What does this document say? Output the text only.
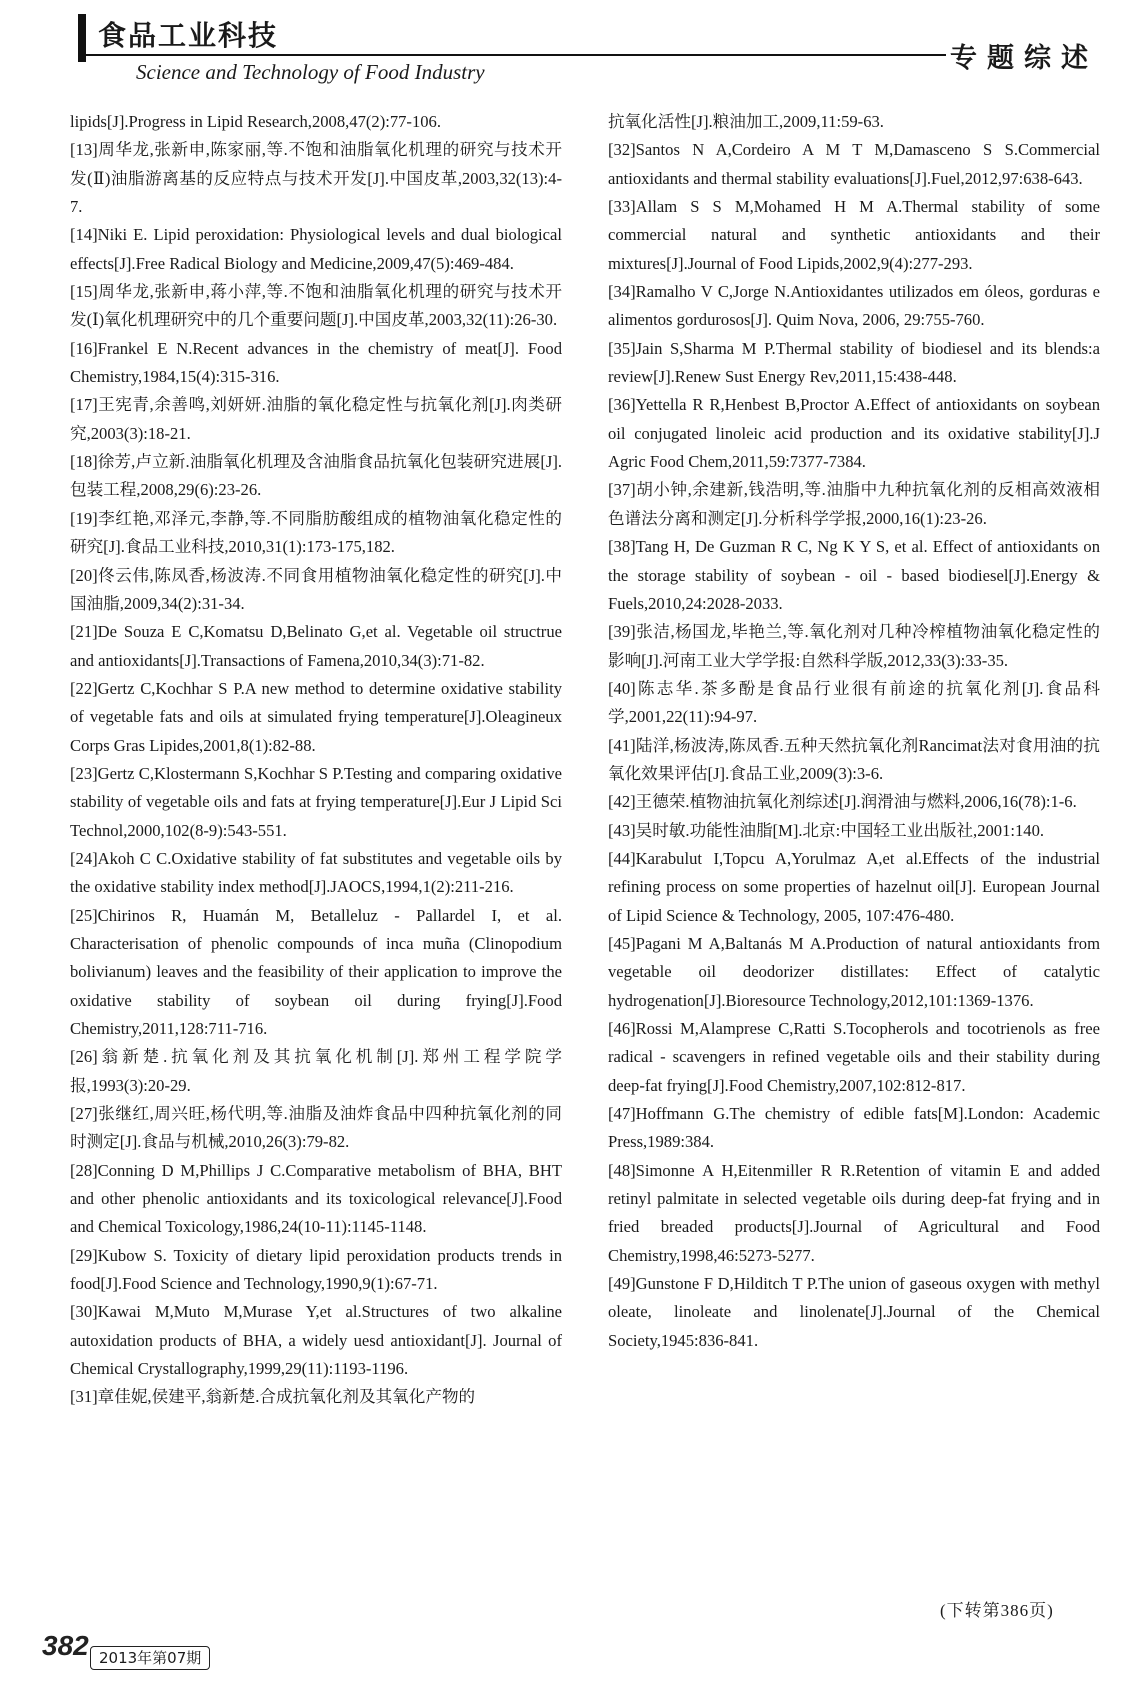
食品工业科技
Science and Technology of Food Industry	专题综述

lipids[J].Progress in Lipid Research,2008,47(2):77-106.

[13]周华龙,张新申,陈家丽,等.不饱和油脂氧化机理的研究与技术开发(Ⅱ)油脂游离基的反应特点与技术开发[J].中国皮革,2003,32(13):4-7.

[14]Niki E. Lipid peroxidation: Physiological levels and dual biological effects[J].Free Radical Biology and Medicine,2009,47(5):469-484.

[15]周华龙,张新申,蒋小萍,等.不饱和油脂氧化机理的研究与技术开发(Ⅰ)氧化机理研究中的几个重要问题[J].中国皮革,2003,32(11):26-30.

[16]Frankel E N.Recent advances in the chemistry of meat[J]. Food Chemistry,1984,15(4):315-316.

[17]王宪青,余善鸣,刘妍妍.油脂的氧化稳定性与抗氧化剂[J].肉类研究,2003(3):18-21.

[18]徐芳,卢立新.油脂氧化机理及含油脂食品抗氧化包装研究进展[J].包装工程,2008,29(6):23-26.

[19]李红艳,邓泽元,李静,等.不同脂肪酸组成的植物油氧化稳定性的研究[J].食品工业科技,2010,31(1):173-175,182.

[20]佟云伟,陈凤香,杨波涛.不同食用植物油氧化稳定性的研究[J].中国油脂,2009,34(2):31-34.

[21]De Souza E C,Komatsu D,Belinato G,et al. Vegetable oil structrue and antioxidants[J].Transactions of Famena,2010,34(3):71-82.

[22]Gertz C,Kochhar S P.A new method to determine oxidative stability of vegetable fats and oils at simulated frying temperature[J].Oleagineux Corps Gras Lipides,2001,8(1):82-88.

[23]Gertz C,Klostermann S,Kochhar S P.Testing and comparing oxidative stability of vegetable oils and fats at frying temperature[J].Eur J Lipid Sci Technol,2000,102(8-9):543-551.

[24]Akoh C C.Oxidative stability of fat substitutes and vegetable oils by the oxidative stability index method[J].JAOCS,1994,1(2):211-216.

[25]Chirinos R, Huamán M, Betalleluz - Pallardel I, et al. Characterisation of phenolic compounds of inca muña (Clinopodium bolivianum) leaves and the feasibility of their application to improve the oxidative stability of soybean oil during frying[J].Food Chemistry,2011,128:711-716.

[26]翁新楚.抗氧化剂及其抗氧化机制[J].郑州工程学院学报,1993(3):20-29.

[27]张继红,周兴旺,杨代明,等.油脂及油炸食品中四种抗氧化剂的同时测定[J].食品与机械,2010,26(3):79-82.

[28]Conning D M,Phillips J C.Comparative metabolism of BHA, BHT and other phenolic antioxidants and its toxicological relevance[J].Food and Chemical Toxicology,1986,24(10-11):1145-1148.

[29]Kubow S. Toxicity of dietary lipid peroxidation products trends in food[J].Food Science and Technology,1990,9(1):67-71.

[30]Kawai M,Muto M,Murase Y,et al.Structures of two alkaline autoxidation products of BHA, a widely uesd antioxidant[J]. Journal of Chemical Crystallography,1999,29(11):1193-1196.

[31]章佳妮,侯建平,翁新楚.合成抗氧化剂及其氧化产物的

抗氧化活性[J].粮油加工,2009,11:59-63.

[32]Santos N A,Cordeiro A M T M,Damasceno S S.Commercial antioxidants and thermal stability evaluations[J].Fuel,2012,97:638-643.

[33]Allam S S M,Mohamed H M A.Thermal stability of some commercial natural and synthetic antioxidants and their mixtures[J].Journal of Food Lipids,2002,9(4):277-293.

[34]Ramalho V C,Jorge N.Antioxidantes utilizados em óleos, gorduras e alimentos gordurosos[J]. Quim Nova, 2006, 29:755-760.

[35]Jain S,Sharma M P.Thermal stability of biodiesel and its blends:a review[J].Renew Sust Energy Rev,2011,15:438-448.

[36]Yettella R R,Henbest B,Proctor A.Effect of antioxidants on soybean oil conjugated linoleic acid production and its oxidative stability[J].J Agric Food Chem,2011,59:7377-7384.

[37]胡小钟,余建新,钱浩明,等.油脂中九种抗氧化剂的反相高效液相色谱法分离和测定[J].分析科学学报,2000,16(1):23-26.

[38]Tang H, De Guzman R C, Ng K Y S, et al. Effect of antioxidants on the storage stability of soybean - oil - based biodiesel[J].Energy & Fuels,2010,24:2028-2033.

[39]张洁,杨国龙,毕艳兰,等.氧化剂对几种冷榨植物油氧化稳定性的影响[J].河南工业大学学报:自然科学版,2012,33(3):33-35.

[40]陈志华.茶多酚是食品行业很有前途的抗氧化剂[J].食品科学,2001,22(11):94-97.

[41]陆洋,杨波涛,陈凤香.五种天然抗氧化剂Rancimat法对食用油的抗氧化效果评估[J].食品工业,2009(3):3-6.

[42]王德荣.植物油抗氧化剂综述[J].润滑油与燃料,2006,16(78):1-6.

[43]吴时敏.功能性油脂[M].北京:中国轻工业出版社,2001:140.

[44]Karabulut I,Topcu A,Yorulmaz A,et al.Effects of the industrial refining process on some properties of hazelnut oil[J]. European Journal of Lipid Science & Technology, 2005, 107:476-480.

[45]Pagani M A,Baltanás M A.Production of natural antioxidants from vegetable oil deodorizer distillates: Effect of catalytic hydrogenation[J].Bioresource Technology,2012,101:1369-1376.

[46]Rossi M,Alamprese C,Ratti S.Tocopherols and tocotrienols as free radical - scavengers in refined vegetable oils and their stability during deep-fat frying[J].Food Chemistry,2007,102:812-817.

[47]Hoffmann G.The chemistry of edible fats[M].London: Academic Press,1989:384.

[48]Simonne A H,Eitenmiller R R.Retention of vitamin E and added retinyl palmitate in selected vegetable oils during deep-fat frying and in fried breaded products[J].Journal of Agricultural and Food Chemistry,1998,46:5273-5277.

[49]Gunstone F D,Hilditch T P.The union of gaseous oxygen with methyl oleate, linoleate and linolenate[J].Journal of the Chemical Society,1945:836-841.

(下转第386页)
382 2013年第07期
